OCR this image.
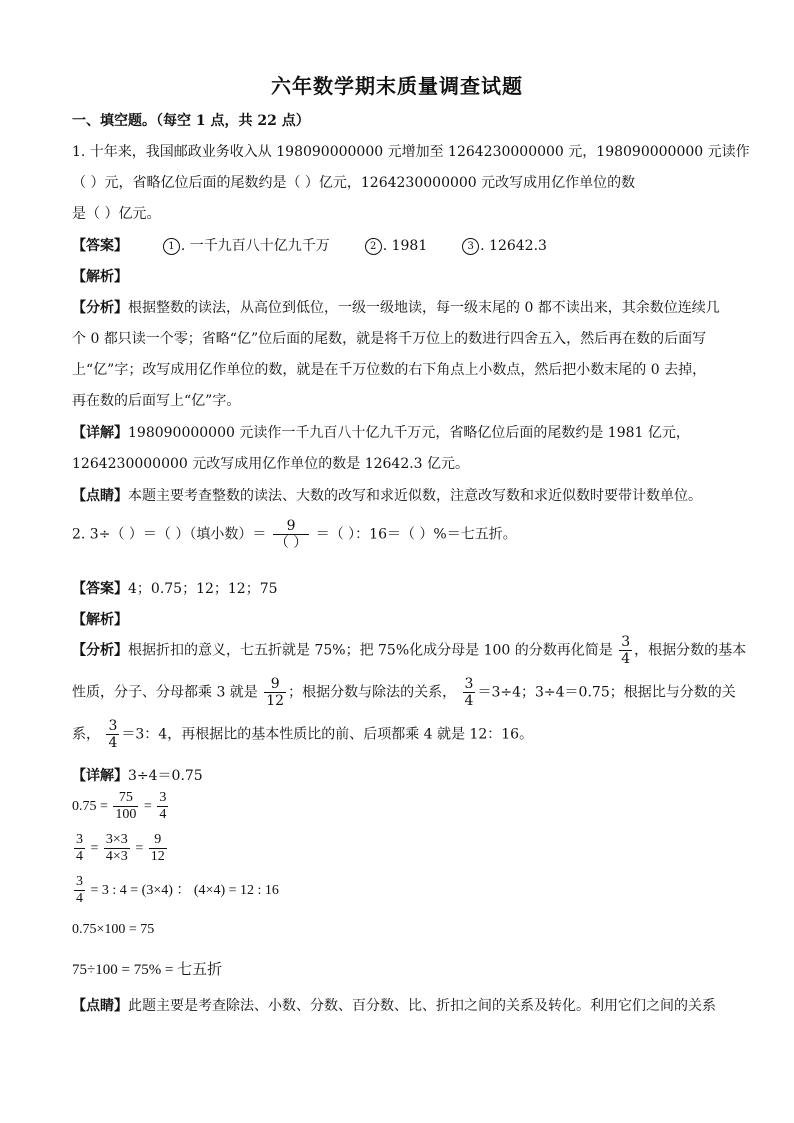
六年数学期末质量调查试题
一、填空题。（每空 1 点，共 22 点）
1. 十年来，我国邮政业务收入从 198090000000 元增加至 1264230000000 元，198090000000 元读作
（ ）元，省略亿位后面的尾数约是（ ）亿元，1264230000000 元改写成用亿作单位的数
是（ ）亿元。
【答案】	1 . 一千九百八十亿九千万	2 . 1981	3 . 12642.3
【解析】
【分析】根据整数的读法，从高位到低位，一级一级地读，每一级末尾的 0 都不读出来，其余数位连续几
个 0 都只读一个零；省略“亿”位后面的尾数，就是将千万位上的数进行四舍五入，然后再在数的后面写
上“亿”字；改写成用亿作单位的数，就是在千万位数的右下角点上小数点，然后把小数末尾的 0 去掉，
再在数的后面写上“亿”字。
【详解】198090000000 元读作一千九百八十亿九千万元，省略亿位后面的尾数约是 1981 亿元，
1264230000000 元改写成用亿作单位的数是 12642.3 亿元。
【点睛】本题主要考查整数的读法、大数的改写和求近似数，注意改写数和求近似数时要带计数单位。
2. 3÷（ ）＝（ ）（填小数）＝ $\frac{9}{( )}$ ＝（ ）：16＝（ ）%＝七五折。
【答案】4；0.75；12；12；75
【解析】
【分析】根据折扣的意义，七五折就是 75%；把 75%化成分母是 100 的分数再化简是 $\frac{3}{4}$ ，根据分数的基本
性质，分子、分母都乘 3 就是 $\frac{9}{12}$ ；根据分数与除法的关系， $\frac{3}{4} =3\div 4$；3÷4＝0.75；根据比与分数的关
系， $\frac{3}{4} =3$：4，再根据比的基本性质比的前、后项都乘 4 就是 12：16。
【详解】3÷4＝0.75
$0.75 = \frac{75}{100} = \frac{3}{4}$
$\frac{3}{4} = \frac{3\times 3}{4\times 3} = \frac{9}{12}$
$\frac{3}{4} = 3$ : 4 = (3×4) ： (4×4) = 12 : 16
0.75×100 = 75
75÷100 = 75% = 七五折
【点睛】此题主要是考查除法、小数、分数、百分数、比、折扣之间的关系及转化。利用它们之间的关系
